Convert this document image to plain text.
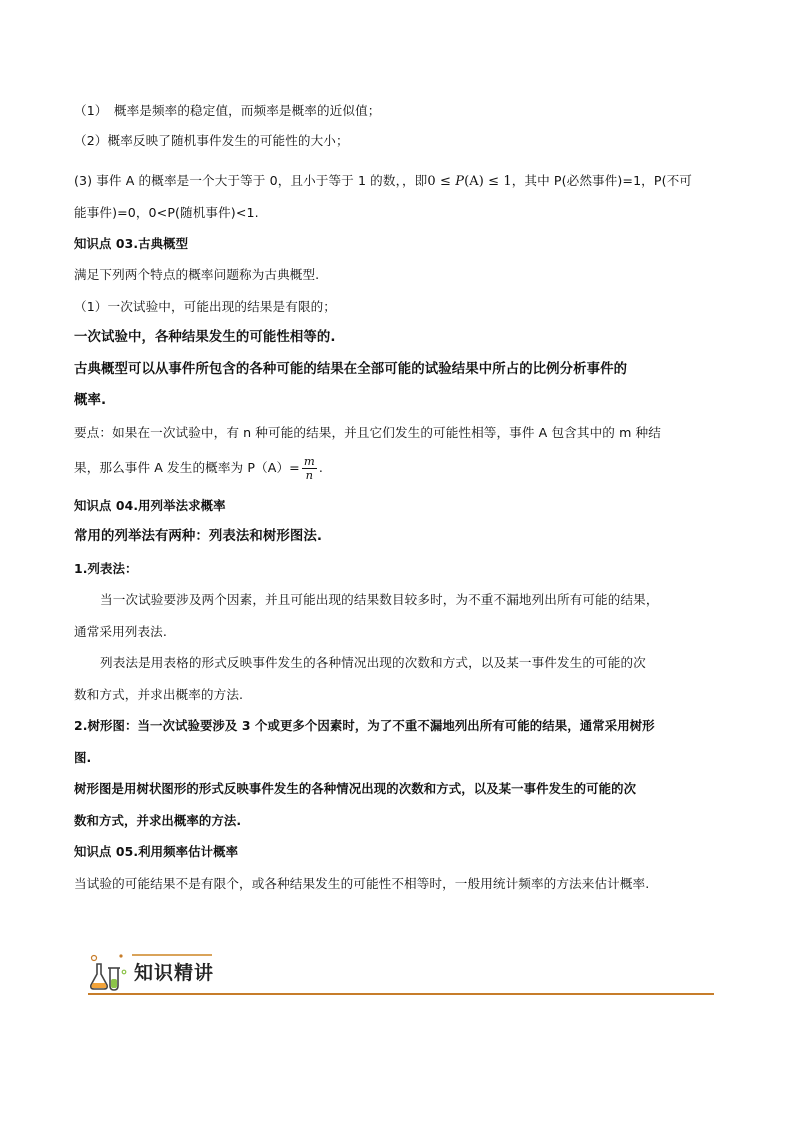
（1）　概率是频率的稳定值，而频率是概率的近似值；
（2）概率反映了随机事件发生的可能性的大小；
(3) 事件 A 的概率是一个大于等于 0，且小于等于 1 的数，，即0 ≤ P(A) ≤ 1，其中 P(必然事件)=1，P(不可
能事件)=0，0<P(随机事件)<1.
知识点 03.古典概型
满足下列两个特点的概率问题称为古典概型.
（1）一次试验中，可能出现的结果是有限的；
一次试验中，各种结果发生的可能性相等的.
古典概型可以从事件所包含的各种可能的结果在全部可能的试验结果中所占的比例分析事件的
概率.
要点：如果在一次试验中，有 n 种可能的结果，并且它们发生的可能性相等，事件 A 包含其中的 m 种结
果，那么事件 A 发生的概率为 $P(A)= \frac{m}{n}$ .
知识点 04.用列举法求概率
常用的列举法有两种：列表法和树形图法.
1.列表法：
当一次试验要涉及两个因素，并且可能出现的结果数目较多时，为不重不漏地列出所有可能的结果，
通常采用列表法.
列表法是用表格的形式反映事件发生的各种情况出现的次数和方式，以及某一事件发生的可能的次
数和方式，并求出概率的方法.
2.树形图：当一次试验要涉及 3 个或更多个因素时，为了不重不漏地列出所有可能的结果，通常采用树形
图.
树形图是用树状图形的形式反映事件发生的各种情况出现的次数和方式，以及某一事件发生的可能的次
数和方式，并求出概率的方法.
知识点 05.利用频率估计概率
当试验的可能结果不是有限个，或各种结果发生的可能性不相等时，一般用统计频率的方法来估计概率.
知识精讲
